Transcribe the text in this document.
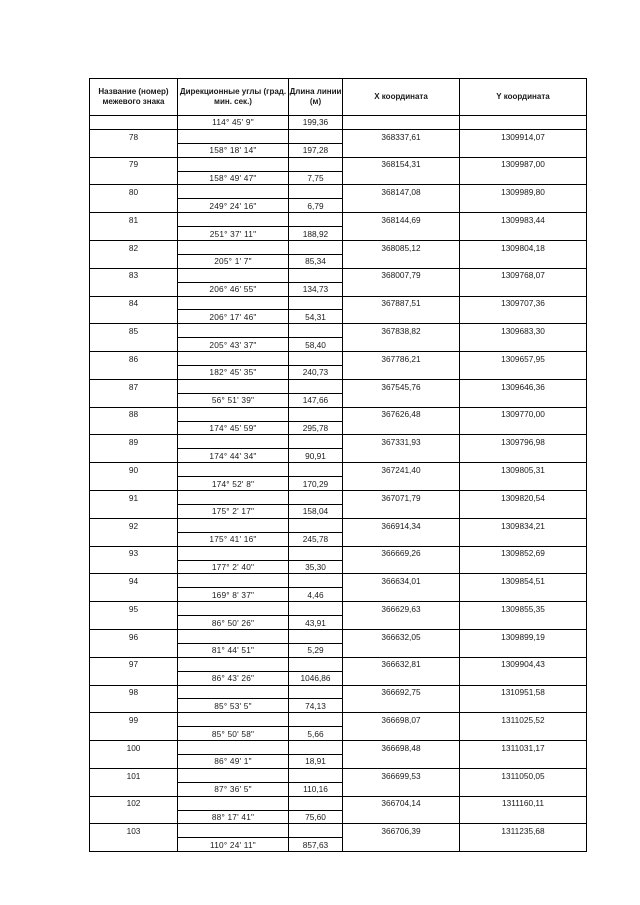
Название (номер) межевого знака	Дирекционные углы (град. мин. сек.)	Длина линии (м)	X координата	Y координата
	114° 45' 9"	199,36		
78			368337,61	1309914,07
	158° 18' 14"	197,28		
79			368154,31	1309987,00
	158° 49' 47"	7,75		
80			368147,08	1309989,80
	249° 24' 16"	6,79		
81			368144,69	1309983,44
	251° 37' 11"	188,92		
82			368085,12	1309804,18
	205° 1' 7"	85,34		
83			368007,79	1309768,07
	206° 46' 55"	134,73		
84			367887,51	1309707,36
	206° 17' 46"	54,31		
85			367838,82	1309683,30
	205° 43' 37"	58,40		
86			367786,21	1309657,95
	182° 45' 35"	240,73		
87			367545,76	1309646,36
	56° 51' 39"	147,66		
88			367626,48	1309770,00
	174° 45' 59"	295,78		
89			367331,93	1309796,98
	174° 44' 34"	90,91		
90			367241,40	1309805,31
	174° 52' 8"	170,29		
91			367071,79	1309820,54
	175° 2' 17"	158,04		
92			366914,34	1309834,21
	175° 41' 16"	245,78		
93			366669,26	1309852,69
	177° 2' 40"	35,30		
94			366634,01	1309854,51
	169° 8' 37"	4,46		
95			366629,63	1309855,35
	86° 50' 26"	43,91		
96			366632,05	1309899,19
	81° 44' 51"	5,29		
97			366632,81	1309904,43
	86° 43' 26"	1046,86		
98			366692,75	1310951,58
	85° 53' 5"	74,13		
99			366698,07	1311025,52
	85° 50' 58"	5,66		
100			366698,48	1311031,17
	86° 49' 1"	18,91		
101			366699,53	1311050,05
	87° 36' 5"	110,16		
102			366704,14	1311160,11
	88° 17' 41"	75,60		
103			366706,39	1311235,68
	110° 24' 11"	857,63		
